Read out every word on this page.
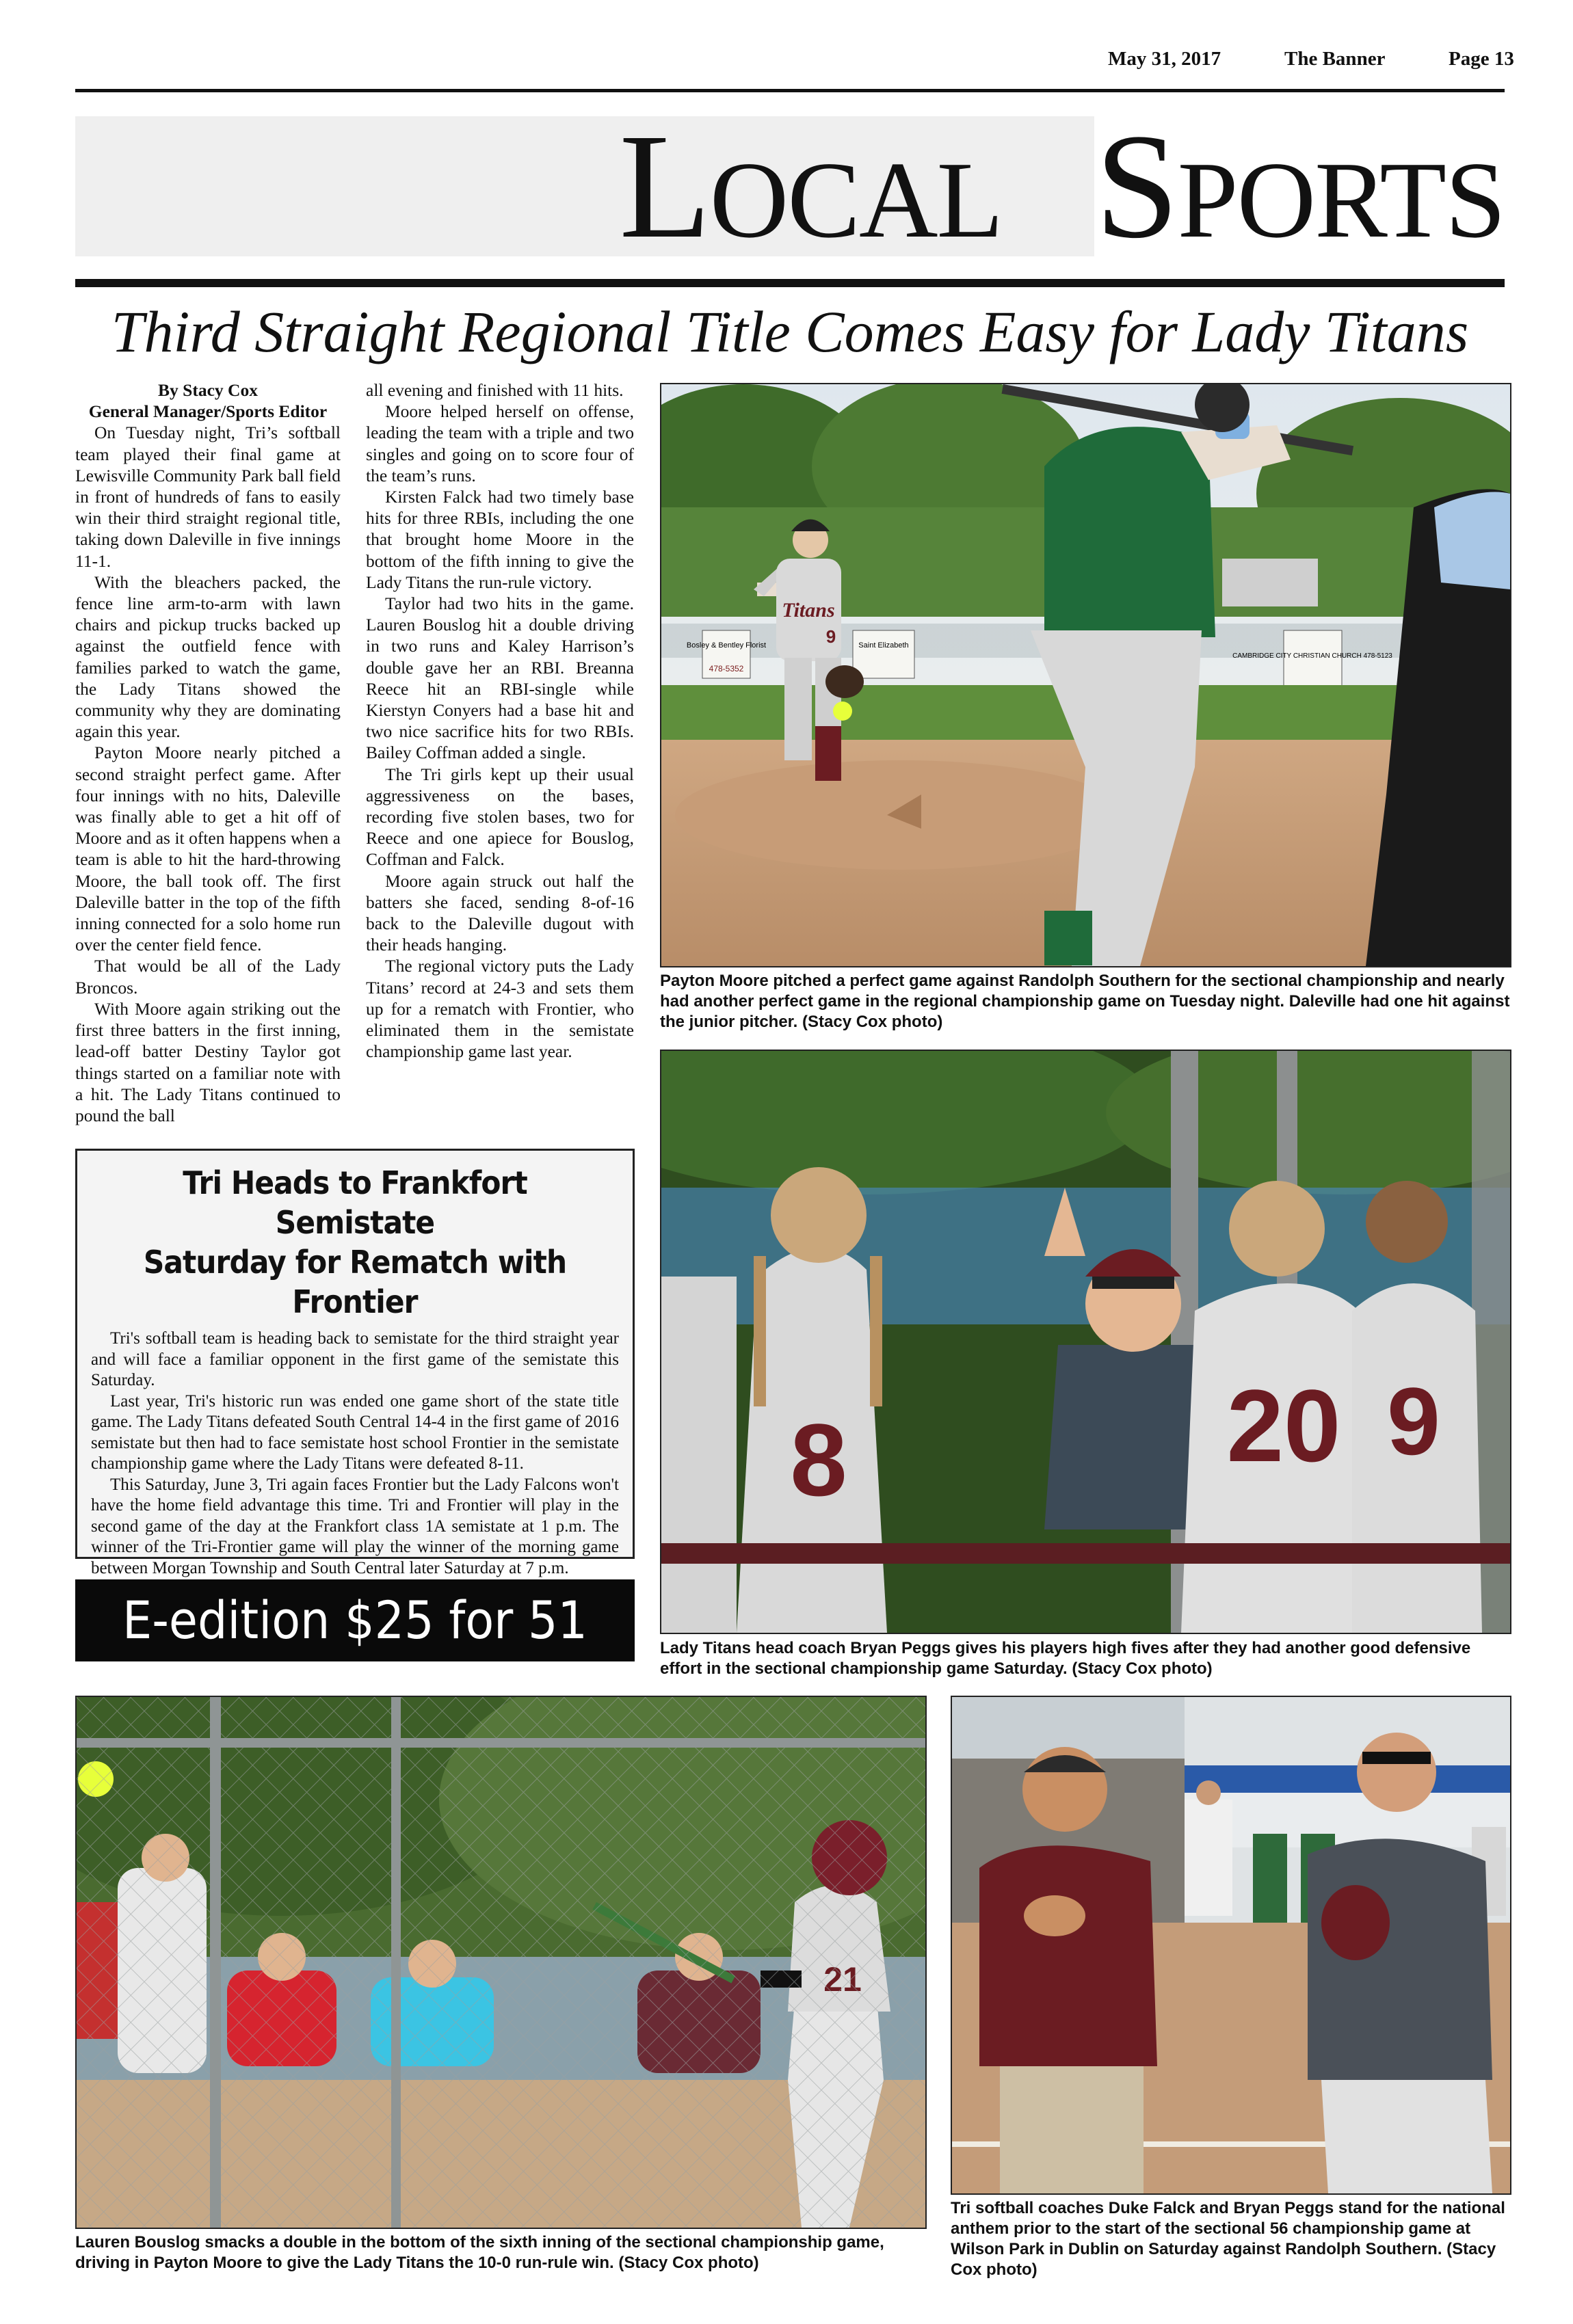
May 31, 2017	The Banner	Page 13
LOCAL SPORTS
Third Straight Regional Title Comes Easy for Lady Titans

By Stacy Cox

General Manager/Sports Editor

On Tuesday night, Tri’s softball team played their final game at Lewisville Community Park ball field in front of hundreds of fans to easily win their third straight regional title, taking down Daleville in five innings 11-1.

With the bleachers packed, the fence line arm-to-arm with lawn chairs and pickup trucks backed up against the outfield fence with families parked to watch the game, the Lady Titans showed the community why they are dominating again this year.

Payton Moore nearly pitched a second straight perfect game. After four innings with no hits, Daleville was finally able to get a hit off of Moore and as it often happens when a team is able to hit the hard-throwing Moore, the ball took off. The first Daleville batter in the top of the fifth inning connected for a solo home run over the center field fence.

That would be all of the Lady Broncos.

With Moore again striking out the first three batters in the first inning, lead-off batter Destiny Taylor got things started on a familiar note with a hit. The Lady Titans continued to pound the ball

all evening and finished with 11 hits.

Moore helped herself on offense, leading the team with a triple and two singles and going on to score four of the team’s runs.

Kirsten Falck had two timely base hits for three RBIs, including the one that brought home Moore in the bottom of the fifth inning to give the Lady Titans the run-rule victory.

Taylor had two hits in the game. Lauren Bouslog hit a double driving in two runs and Kaley Harrison’s double gave her an RBI. Breanna Reece hit an RBI-single while Kierstyn Conyers had a base hit and two nice sacrifice hits for two RBIs. Bailey Coffman added a single.

The Tri girls kept up their usual aggressiveness on the bases, recording five stolen bases, two for Reece and one apiece for Bouslog, Coffman and Falck.

Moore again struck out half the batters she faced, sending 8-of-16 back to the Daleville dugout with their heads hanging.

The regional victory puts the Lady Titans’ record at 24-3 and sets them up for a rematch with Frontier, who eliminated them in the semistate championship game last year.

Tri Heads to Frankfort Semistate
Saturday for Rematch with Frontier

Tri's softball team is heading back to semistate for the third straight year and will face a familiar opponent in the first game of the semistate this Saturday.

Last year, Tri's historic run was ended one game short of the state title game. The Lady Titans defeated South Central 14-4 in the first game of 2016 semistate but then had to face semistate host school Frontier in the semistate championship game where the Lady Titans were defeated 8-11.

This Saturday, June 3, Tri again faces Frontier but the Lady Falcons won't have the home field advantage this time. Tri and Frontier will play in the second game of the day at the Frankfort class 1A semistate at 1 p.m. The winner of the Tri-Frontier game will play the winner of the morning game between Morgan Township and South Central later Saturday at 7 p.m.

E-edition $25 for 51
Bosley & Bentley Florist
478-5352
Saint Elizabeth
CAMBRIDGE CITY CHRISTIAN CHURCH 478-5123
Titans
9
Payton Moore pitched a perfect game against Randolph Southern for the sectional championship and nearly had another perfect game in the regional championship game on Tuesday night. Daleville had one hit against the junior pitcher. (Stacy Cox photo)
8	20 9
Lady Titans head coach Bryan Peggs gives his players high fives after they had another good defensive effort in the sectional championship game Saturday. (Stacy Cox photo)
Lauren Bouslog smacks a double in the bottom of the sixth inning of the sectional championship game, driving in Payton Moore to give the Lady Titans the 10-0 run-rule win. (Stacy Cox photo)
Tri softball coaches Duke Falck and Bryan Peggs stand for the national anthem prior to the start of the sectional 56 championship game at Wilson Park in Dublin on Saturday against Randolph Southern. (Stacy Cox photo)
